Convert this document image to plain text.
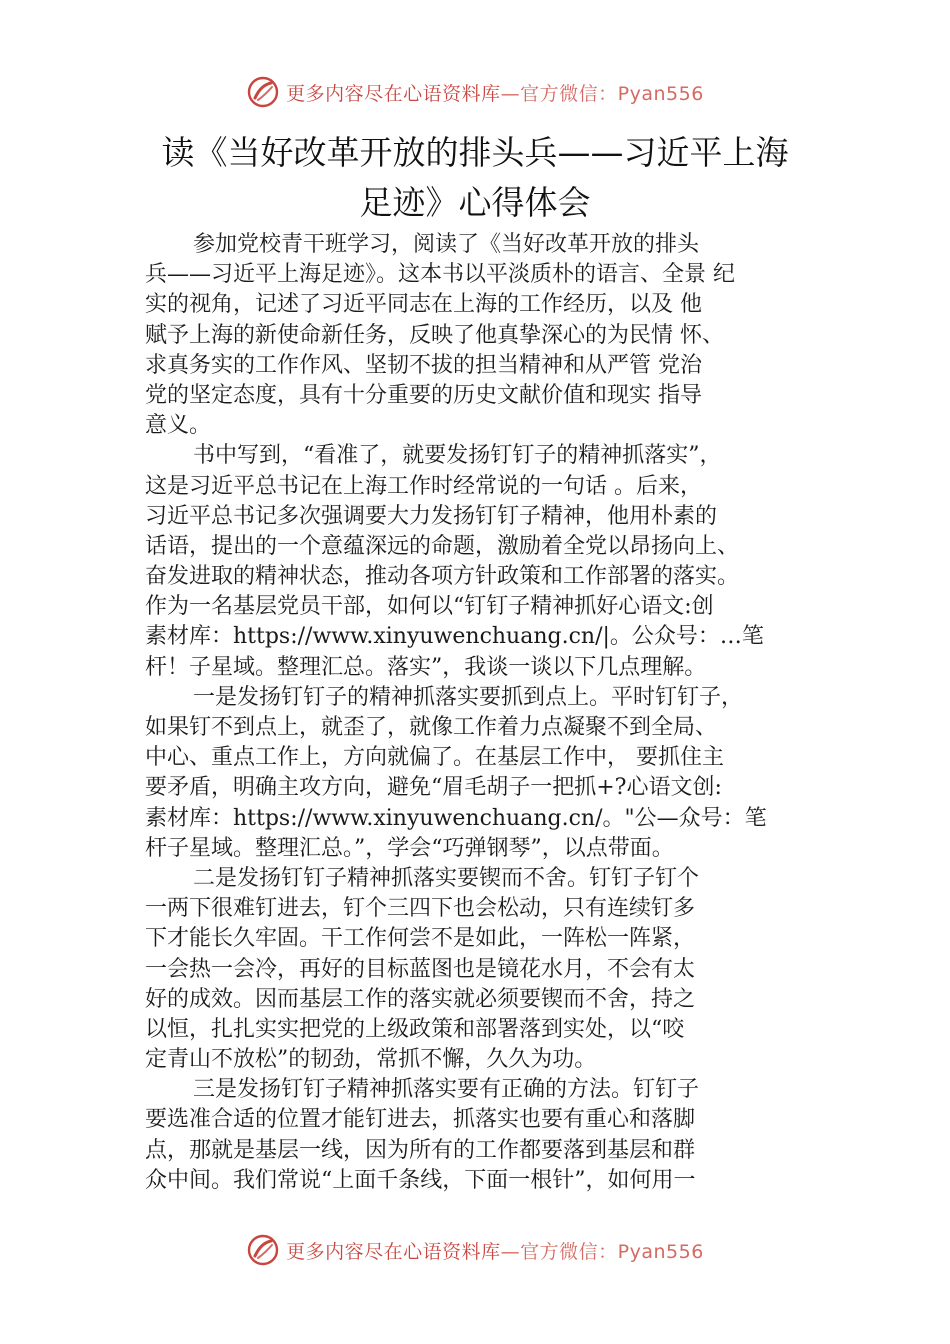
更多内容尽在心语资料库—官方微信：Pyan556
读《当好改革开放的排头兵——习近平上海
足迹》心得体会
参加党校青干班学习，阅读了《当好改革开放的排头
兵——习近平上海足迹》。这本书以平淡质朴的语言、全景 纪
实的视角，记述了习近平同志在上海的工作经历，以及 他
赋予上海的新使命新任务，反映了他真挚深心的为民情 怀、
求真务实的工作作风、坚韧不拔的担当精神和从严管 党治
党的坚定态度，具有十分重要的历史文献价值和现实 指导
意义。
书中写到，“看准了，就要发扬钉钉子的精神抓落实”，
这是习近平总书记在上海工作时经常说的一句话 。后来，
习近平总书记多次强调要大力发扬钉钉子精神，他用朴素的
话语，提出的一个意蕴深远的命题，激励着全党以昂扬向上、
奋发进取的精神状态，推动各项方针政策和工作部署的落实。
作为一名基层党员干部，如何以“钉钉子精神抓好心语文:创
素材库：https://www.xinyuwenchuang.cn/|。公众号：…笔
杆！子星域。整理汇总。落实”，我谈一谈以下几点理解。
一是发扬钉钉子的精神抓落实要抓到点上。平时钉钉子，
如果钉不到点上，就歪了，就像工作着力点凝聚不到全局、
中心、重点工作上，方向就偏了。在基层工作中， 要抓住主
要矛盾，明确主攻方向，避免“眉毛胡子一把抓+?心语文创:
素材库：https://www.xinyuwenchuang.cn/。"公—众号：笔
杆子星域。整理汇总。”，学会“巧弹钢琴”，以点带面。
二是发扬钉钉子精神抓落实要锲而不舍。钉钉子钉个
一两下很难钉进去，钉个三四下也会松动，只有连续钉多
下才能长久牢固。干工作何尝不是如此，一阵松一阵紧，
一会热一会冷，再好的目标蓝图也是镜花水月，不会有太
好的成效。因而基层工作的落实就必须要锲而不舍，持之
以恒，扎扎实实把党的上级政策和部署落到实处，以“咬
定青山不放松”的韧劲，常抓不懈，久久为功。
三是发扬钉钉子精神抓落实要有正确的方法。钉钉子
要选准合适的位置才能钉进去，抓落实也要有重心和落脚
点，那就是基层一线，因为所有的工作都要落到基层和群
众中间。我们常说“上面千条线，下面一根针”，如何用一
更多内容尽在心语资料库—官方微信：Pyan556
